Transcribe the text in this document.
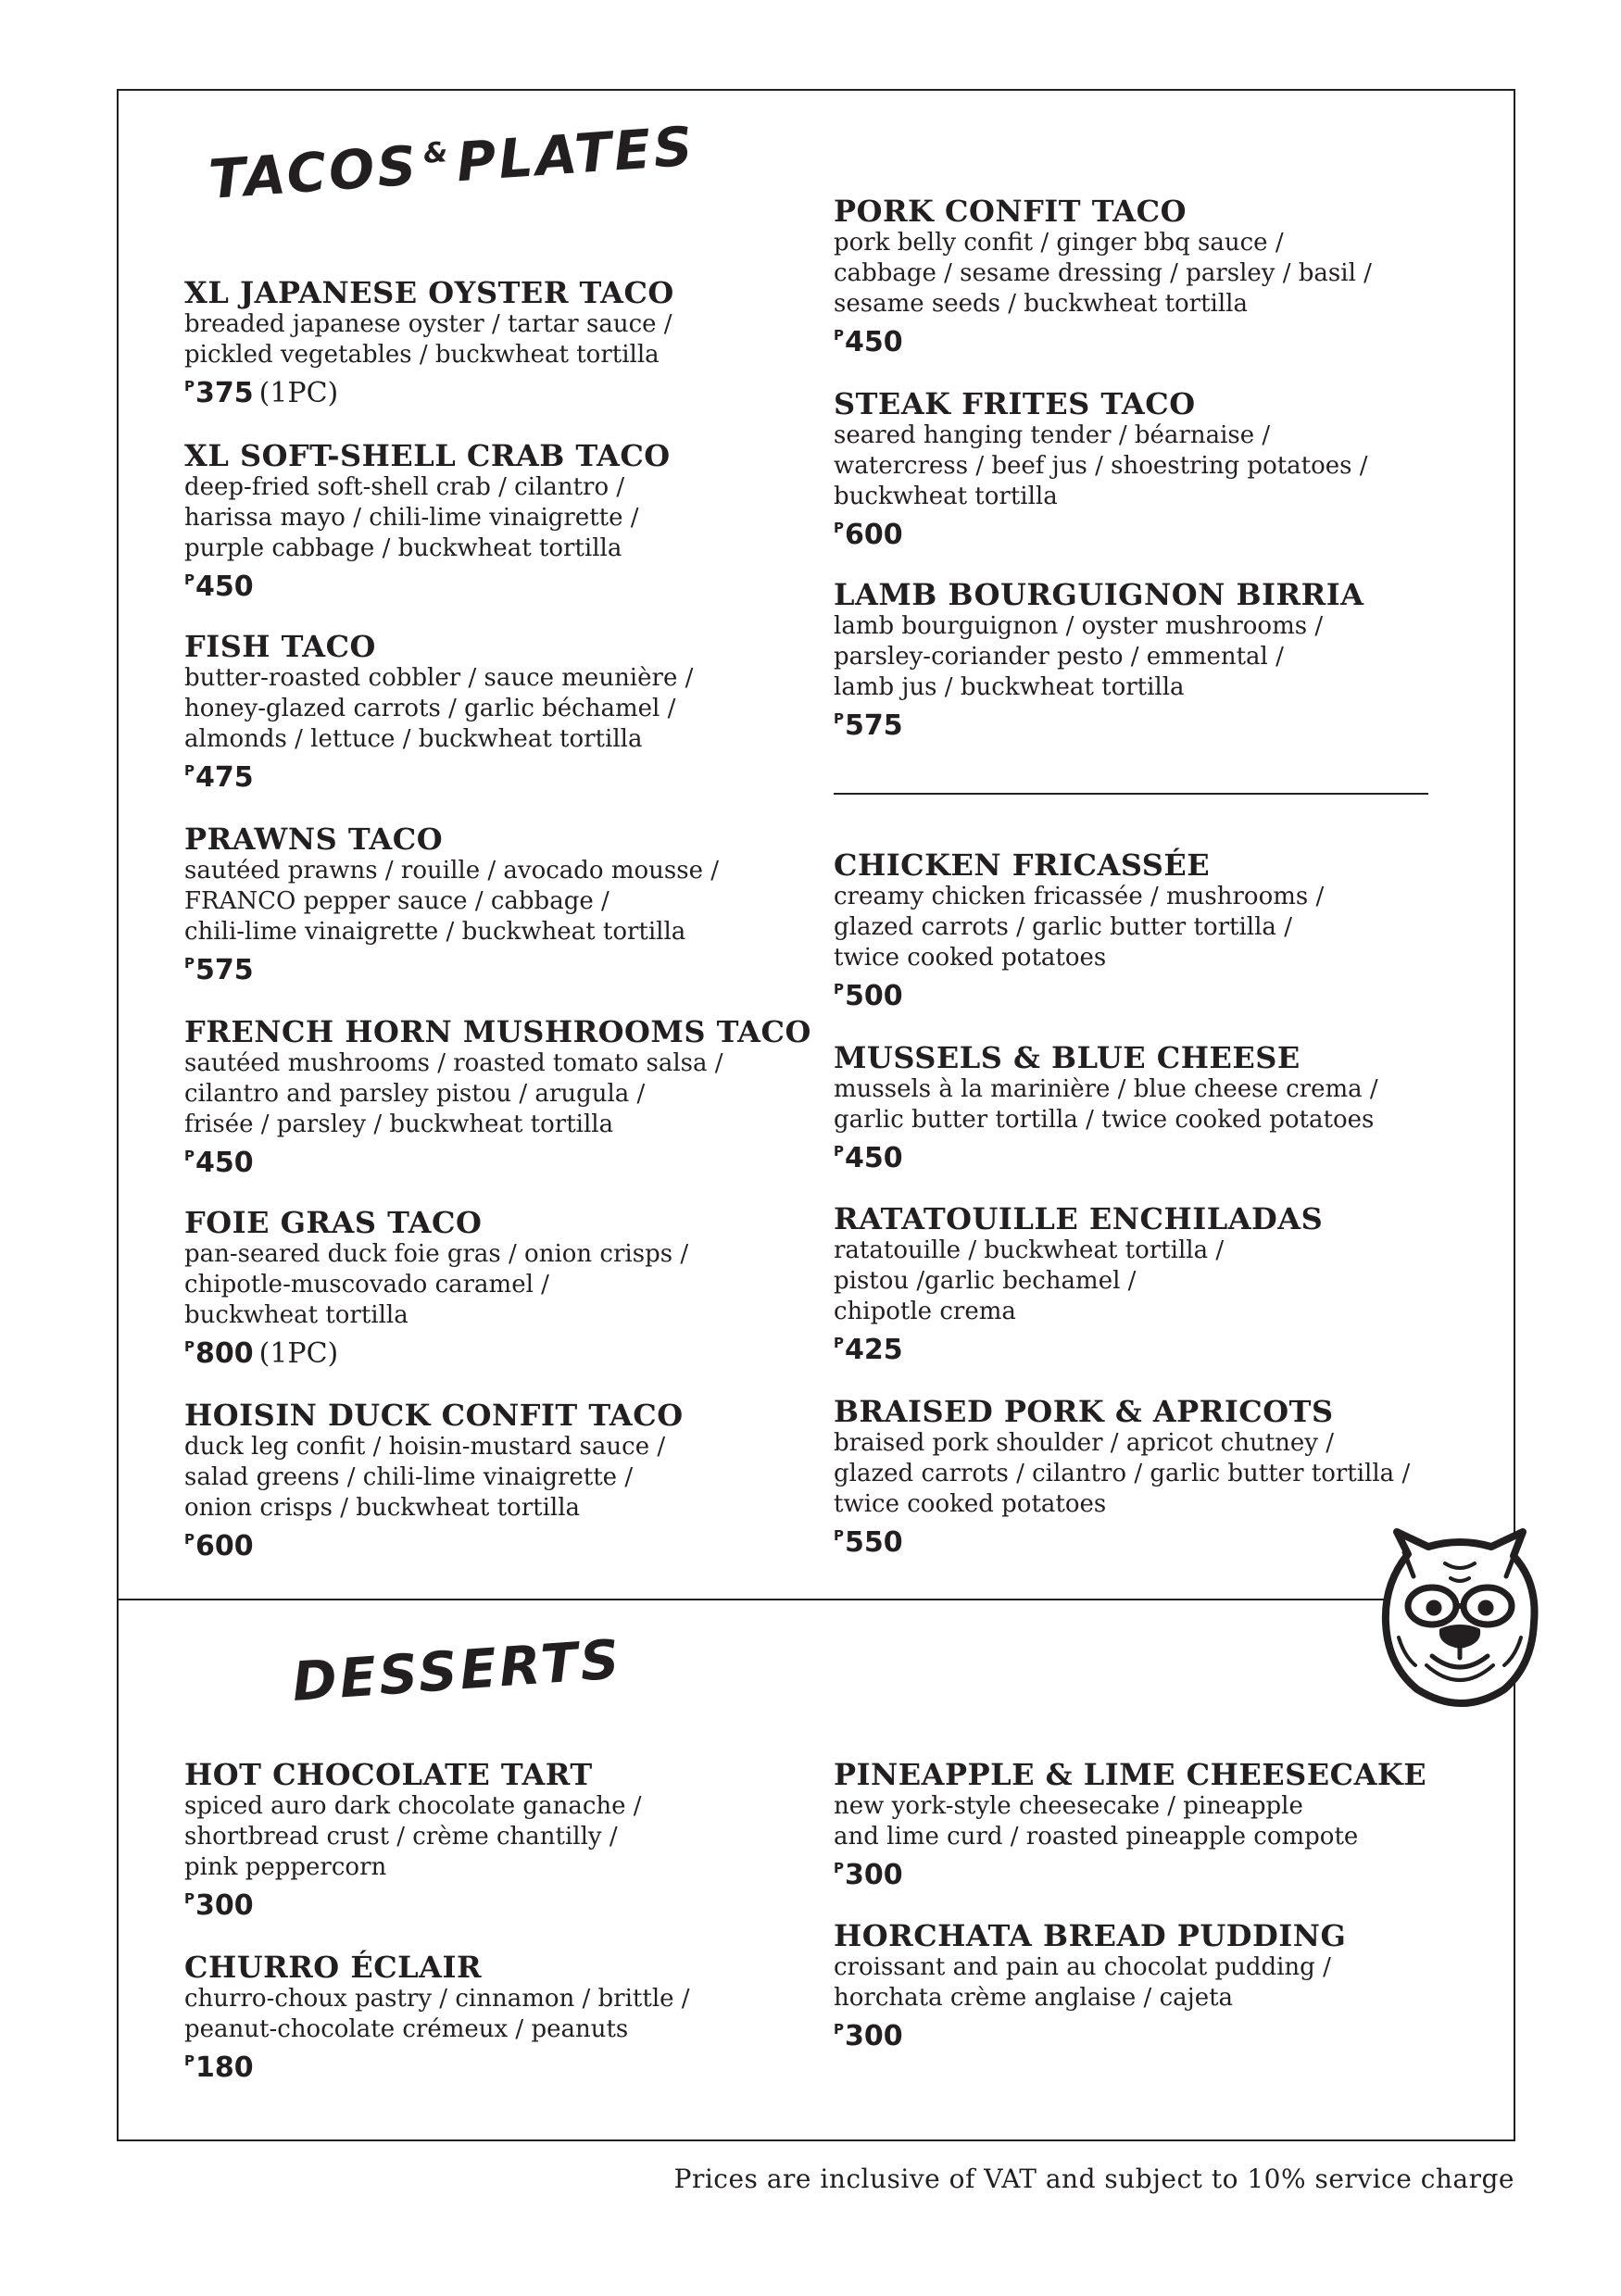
TACOS&PLATES
DESSERTS
XL JAPANESE OYSTER TACO
breaded japanese oyster / tartar sauce /
pickled vegetables / buckwheat tortilla
$^P$375 (1PC)
XL SOFT-SHELL CRAB TACO
deep-fried soft-shell crab / cilantro /
harissa mayo / chili-lime vinaigrette /
purple cabbage / buckwheat tortilla
$^P$450
FISH TACO
butter-roasted cobbler / sauce meunière /
honey-glazed carrots / garlic béchamel /
almonds / lettuce / buckwheat tortilla
$^P$475
PRAWNS TACO
sautéed prawns / rouille / avocado mousse /
FRANCO pepper sauce / cabbage /
chili-lime vinaigrette / buckwheat tortilla
$^P$575
FRENCH HORN MUSHROOMS TACO
sautéed mushrooms / roasted tomato salsa /
cilantro and parsley pistou / arugula /
frisée / parsley / buckwheat tortilla
$^P$450
FOIE GRAS TACO
pan-seared duck foie gras / onion crisps /
chipotle-muscovado caramel /
buckwheat tortilla
$^P$800 (1PC)
HOISIN DUCK CONFIT TACO
duck leg confit / hoisin-mustard sauce /
salad greens / chili-lime vinaigrette /
onion crisps / buckwheat tortilla
$^P$600
HOT CHOCOLATE TART
spiced auro dark chocolate ganache /
shortbread crust / crème chantilly /
pink peppercorn
$^P$300
CHURRO ÉCLAIR
churro-choux pastry / cinnamon / brittle /
peanut-chocolate crémeux / peanuts
$^P$180
PORK CONFIT TACO
pork belly confit / ginger bbq sauce /
cabbage / sesame dressing / parsley / basil /
sesame seeds / buckwheat tortilla
$^P$450
STEAK FRITES TACO
seared hanging tender / béarnaise /
watercress / beef jus / shoestring potatoes /
buckwheat tortilla
$^P$600
LAMB BOURGUIGNON BIRRIA
lamb bourguignon / oyster mushrooms /
parsley-coriander pesto / emmental /
lamb jus / buckwheat tortilla
$^P$575
CHICKEN FRICASSÉE
creamy chicken fricassée / mushrooms /
glazed carrots / garlic butter tortilla /
twice cooked potatoes
$^P$500
MUSSELS & BLUE CHEESE
mussels à la marinière / blue cheese crema /
garlic butter tortilla / twice cooked potatoes
$^P$450
RATATOUILLE ENCHILADAS
ratatouille / buckwheat tortilla /
pistou /garlic bechamel /
chipotle crema
$^P$425
BRAISED PORK & APRICOTS
braised pork shoulder / apricot chutney /
glazed carrots / cilantro / garlic butter tortilla /
twice cooked potatoes
$^P$550
PINEAPPLE & LIME CHEESECAKE
new york-style cheesecake / pineapple
and lime curd / roasted pineapple compote
$^P$300
HORCHATA BREAD PUDDING
croissant and pain au chocolat pudding /
horchata crème anglaise / cajeta
$^P$300

Prices are inclusive of VAT and subject to 10% service charge
